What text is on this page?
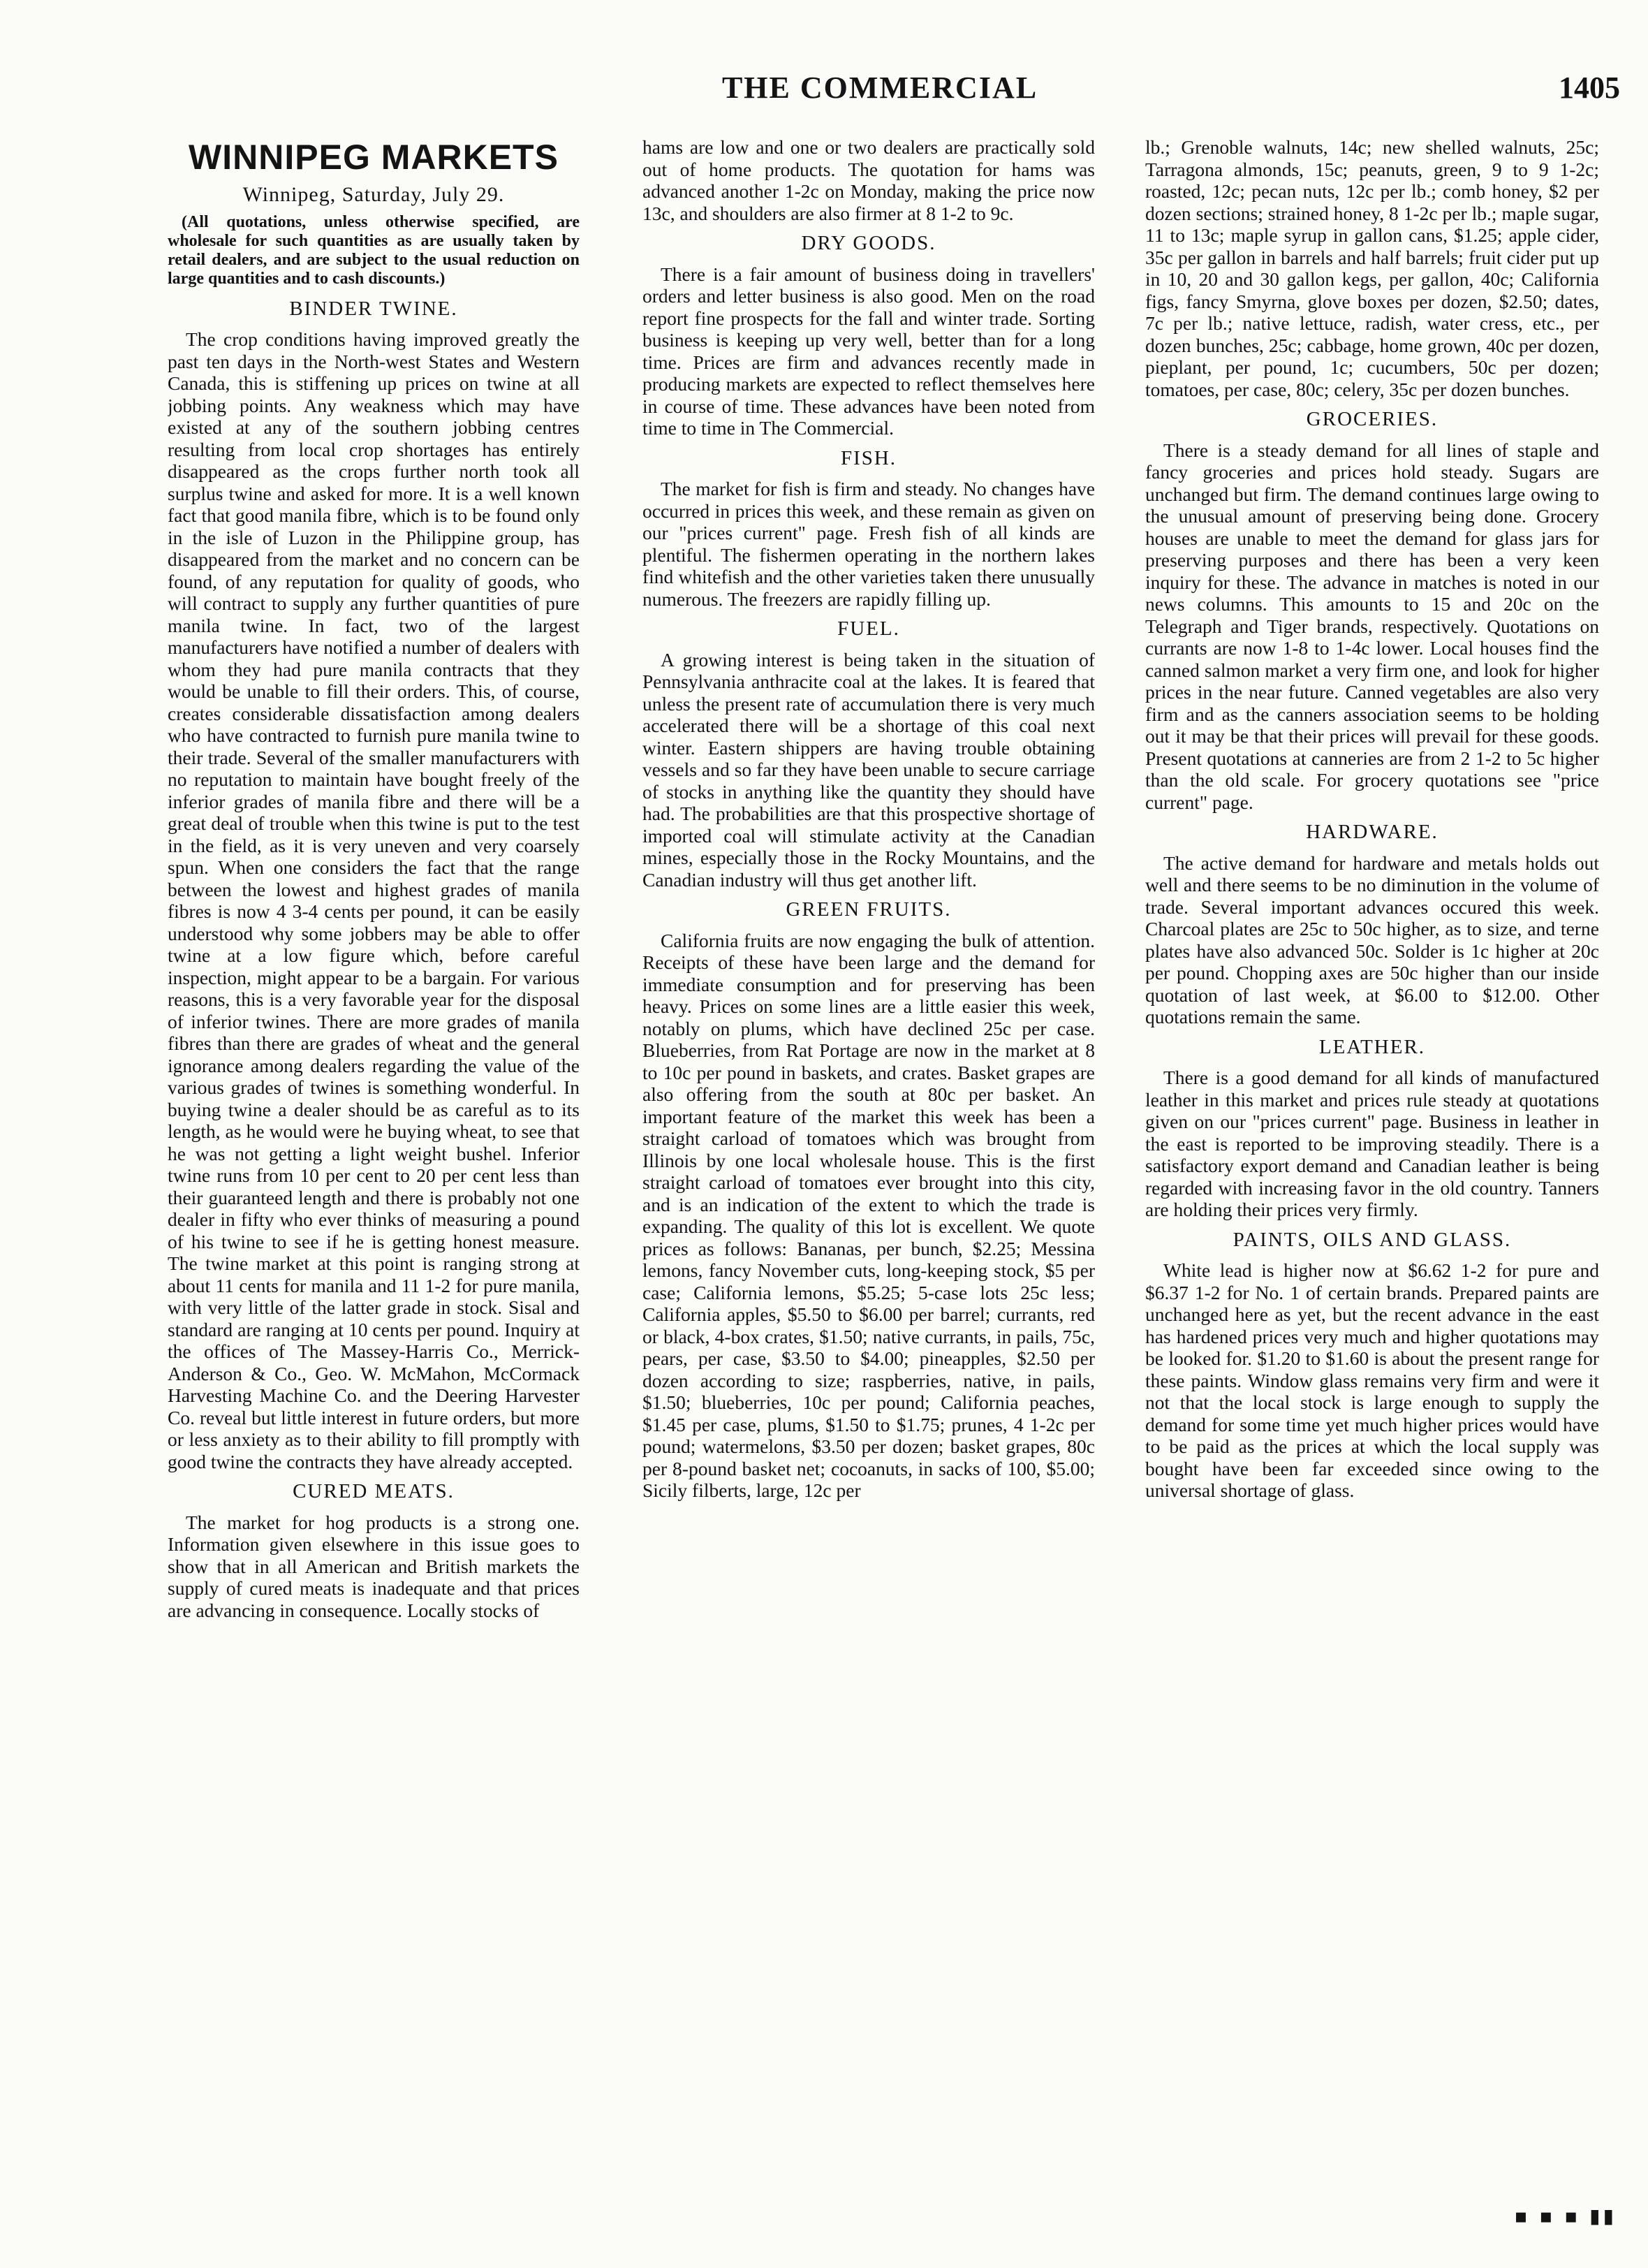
THE COMMERCIAL	1405
WINNIPEG MARKETS
Winnipeg, Saturday, July 29.

(All quotations, unless otherwise specified, are wholesale for such quantities as are usually taken by retail dealers, and are subject to the usual reduction on large quantities and to cash discounts.)

BINDER TWINE.

The crop conditions having improved greatly the past ten days in the North-west States and Western Canada, this is stiffening up prices on twine at all jobbing points. Any weakness which may have existed at any of the southern jobbing centres resulting from local crop shortages has entirely disappeared as the crops further north took all surplus twine and asked for more. It is a well known fact that good manila fibre, which is to be found only in the isle of Luzon in the Philippine group, has disappeared from the market and no concern can be found, of any reputation for quality of goods, who will contract to supply any further quantities of pure manila twine. In fact, two of the largest manufacturers have notified a number of dealers with whom they had pure manila contracts that they would be unable to fill their orders. This, of course, creates considerable dissatisfaction among dealers who have contracted to furnish pure manila twine to their trade. Several of the smaller manufacturers with no reputation to maintain have bought freely of the inferior grades of manila fibre and there will be a great deal of trouble when this twine is put to the test in the field, as it is very uneven and very coarsely spun. When one considers the fact that the range between the lowest and highest grades of manila fibres is now 4 3-4 cents per pound, it can be easily understood why some jobbers may be able to offer twine at a low figure which, before careful inspection, might appear to be a bargain. For various reasons, this is a very favorable year for the disposal of inferior twines. There are more grades of manila fibres than there are grades of wheat and the general ignorance among dealers regarding the value of the various grades of twines is something wonderful. In buying twine a dealer should be as careful as to its length, as he would were he buying wheat, to see that he was not getting a light weight bushel. Inferior twine runs from 10 per cent to 20 per cent less than their guaranteed length and there is probably not one dealer in fifty who ever thinks of measuring a pound of his twine to see if he is getting honest measure. The twine market at this point is ranging strong at about 11 cents for manila and 11 1-2 for pure manila, with very little of the latter grade in stock. Sisal and standard are ranging at 10 cents per pound. Inquiry at the offices of The Massey-Harris Co., Merrick-Anderson & Co., Geo. W. McMahon, McCormack Harvesting Machine Co. and the Deering Harvester Co. reveal but little interest in future orders, but more or less anxiety as to their ability to fill promptly with good twine the contracts they have already accepted.

CURED MEATS.

The market for hog products is a strong one. Information given elsewhere in this issue goes to show that in all American and British markets the supply of cured meats is inadequate and that prices are advancing in consequence. Locally stocks of

hams are low and one or two dealers are practically sold out of home products. The quotation for hams was advanced another 1-2c on Monday, making the price now 13c, and shoulders are also firmer at 8 1-2 to 9c.

DRY GOODS.

There is a fair amount of business doing in travellers' orders and letter business is also good. Men on the road report fine prospects for the fall and winter trade. Sorting business is keeping up very well, better than for a long time. Prices are firm and advances recently made in producing markets are expected to reflect themselves here in course of time. These advances have been noted from time to time in The Commercial.

FISH.

The market for fish is firm and steady. No changes have occurred in prices this week, and these remain as given on our "prices current" page. Fresh fish of all kinds are plentiful. The fishermen operating in the northern lakes find whitefish and the other varieties taken there unusually numerous. The freezers are rapidly filling up.

FUEL.

A growing interest is being taken in the situation of Pennsylvania anthracite coal at the lakes. It is feared that unless the present rate of accumulation there is very much accelerated there will be a shortage of this coal next winter. Eastern shippers are having trouble obtaining vessels and so far they have been unable to secure carriage of stocks in anything like the quantity they should have had. The probabilities are that this prospective shortage of imported coal will stimulate activity at the Canadian mines, especially those in the Rocky Mountains, and the Canadian industry will thus get another lift.

GREEN FRUITS.

California fruits are now engaging the bulk of attention. Receipts of these have been large and the demand for immediate consumption and for preserving has been heavy. Prices on some lines are a little easier this week, notably on plums, which have declined 25c per case. Blueberries, from Rat Portage are now in the market at 8 to 10c per pound in baskets, and crates. Basket grapes are also offering from the south at 80c per basket. An important feature of the market this week has been a straight carload of tomatoes which was brought from Illinois by one local wholesale house. This is the first straight carload of tomatoes ever brought into this city, and is an indication of the extent to which the trade is expanding. The quality of this lot is excellent. We quote prices as follows: Bananas, per bunch, $2.25; Messina lemons, fancy November cuts, long-keeping stock, $5 per case; California lemons, $5.25; 5-case lots 25c less; California apples, $5.50 to $6.00 per barrel; currants, red or black, 4-box crates, $1.50; native currants, in pails, 75c, pears, per case, $3.50 to $4.00; pineapples, $2.50 per dozen according to size; raspberries, native, in pails, $1.50; blueberries, 10c per pound; California peaches, $1.45 per case, plums, $1.50 to $1.75; prunes, 4 1-2c per pound; watermelons, $3.50 per dozen; basket grapes, 80c per 8-pound basket net; cocoanuts, in sacks of 100, $5.00; Sicily filberts, large, 12c per

lb.; Grenoble walnuts, 14c; new shelled walnuts, 25c; Tarragona almonds, 15c; peanuts, green, 9 to 9 1-2c; roasted, 12c; pecan nuts, 12c per lb.; comb honey, $2 per dozen sections; strained honey, 8 1-2c per lb.; maple sugar, 11 to 13c; maple syrup in gallon cans, $1.25; apple cider, 35c per gallon in barrels and half barrels; fruit cider put up in 10, 20 and 30 gallon kegs, per gallon, 40c; California figs, fancy Smyrna, glove boxes per dozen, $2.50; dates, 7c per lb.; native lettuce, radish, water cress, etc., per dozen bunches, 25c; cabbage, home grown, 40c per dozen, pieplant, per pound, 1c; cucumbers, 50c per dozen; tomatoes, per case, 80c; celery, 35c per dozen bunches.

GROCERIES.

There is a steady demand for all lines of staple and fancy groceries and prices hold steady. Sugars are unchanged but firm. The demand continues large owing to the unusual amount of preserving being done. Grocery houses are unable to meet the demand for glass jars for preserving purposes and there has been a very keen inquiry for these. The advance in matches is noted in our news columns. This amounts to 15 and 20c on the Telegraph and Tiger brands, respectively. Quotations on currants are now 1-8 to 1-4c lower. Local houses find the canned salmon market a very firm one, and look for higher prices in the near future. Canned vegetables are also very firm and as the canners association seems to be holding out it may be that their prices will prevail for these goods. Present quotations at canneries are from 2 1-2 to 5c higher than the old scale. For grocery quotations see "price current" page.

HARDWARE.

The active demand for hardware and metals holds out well and there seems to be no diminution in the volume of trade. Several important advances occured this week. Charcoal plates are 25c to 50c higher, as to size, and terne plates have also advanced 50c. Solder is 1c higher at 20c per pound. Chopping axes are 50c higher than our inside quotation of last week, at $6.00 to $12.00. Other quotations remain the same.

LEATHER.

There is a good demand for all kinds of manufactured leather in this market and prices rule steady at quotations given on our "prices current" page. Business in leather in the east is reported to be improving steadily. There is a satisfactory export demand and Canadian leather is being regarded with increasing favor in the old country. Tanners are holding their prices very firmly.

PAINTS, OILS AND GLASS.

White lead is higher now at $6.62 1-2 for pure and $6.37 1-2 for No. 1 of certain brands. Prepared paints are unchanged here as yet, but the recent advance in the east has hardened prices very much and higher quotations may be looked for. $1.20 to $1.60 is about the present range for these paints. Window glass remains very firm and were it not that the local stock is large enough to supply the demand for some time yet much higher prices would have to be paid as the prices at which the local supply was bought have been far exceeded since owing to the universal shortage of glass.

▪ ▪ ▪ ▮▮
